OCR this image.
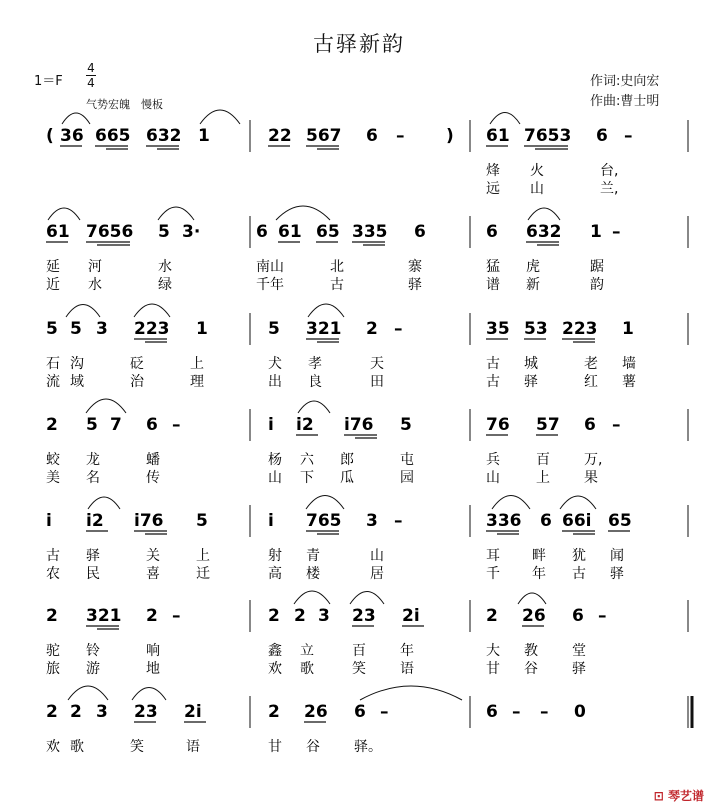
古驿新韵
1＝F
4
4
气势宏魄　慢板
作词:史向宏
作曲:曹士明
( 36 665 632 1	22 567 6 – ) 61 7653 6 –
烽 火	台,
远 山	兰,
61 7656 5 3·	6 61 65 335 6	6 632 1 –
延 河	水	南山	北	寨	猛 虎	踞
近 水	绿	千年	古	驿	谱 新	韵
5 5 3 223 1	5 321 2 –	35 53 223 1
石 沟	砭	上	犬 孝	天	古 城	老 墙
流 域	治	理	出 良	田	古 驿	红 薯
2 5 7 6 –	i i2 i76 5	76 57 6 –
蛟 龙	蟠	杨 六 郎	屯	兵	百 万,
美 名	传	山 下 瓜	园	山	上 果
i i2 i76 5	i 765 3 –	336 6 66i 65
古 驿	关	上	射 青	山	耳 畔 犹 闻
农 民	喜	迁	高 楼	居	千 年 古 驿
2 321 2 –	2 2 3 23 2i	2 26 6 –
驼 铃	响	鑫 立	百 年	大 教 堂
旅 游	地	欢 歌	笑 语	甘 谷 驿
2 2 3 23 2i	2 26 6 –	6 – – 0
欢 歌	笑	语	甘 谷 驿。
⊡ 琴艺谱
